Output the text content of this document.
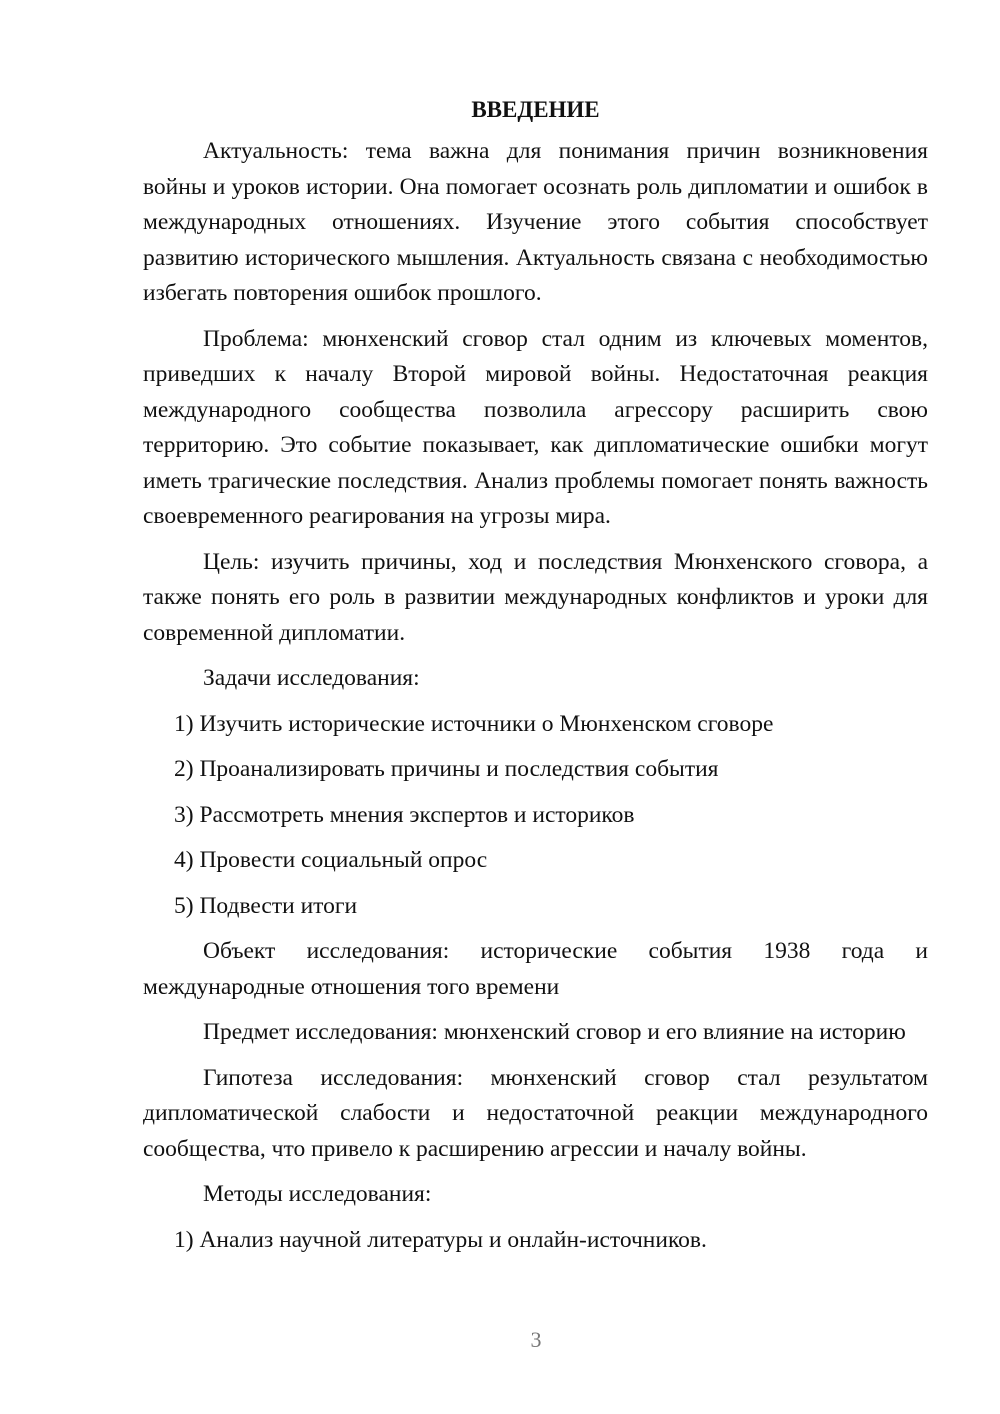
ВВЕДЕНИЕ

Актуальность: тема важна для понимания причин возникновения войны и уроков истории. Она помогает осознать роль дипломатии и ошибок в международных отношениях. Изучение этого события способствует развитию исторического мышления. Актуальность связана с необходимостью избегать повторения ошибок прошлого.

Проблема: мюнхенский сговор стал одним из ключевых моментов, приведших к началу Второй мировой войны. Недостаточная реакция международного сообщества позволила агрессору расширить свою территорию. Это событие показывает, как дипломатические ошибки могут иметь трагические последствия. Анализ проблемы помогает понять важность своевременного реагирования на угрозы мира.

Цель: изучить причины, ход и последствия Мюнхенского сговора, а также понять его роль в развитии международных конфликтов и уроки для современной дипломатии.

Задачи исследования:

1) Изучить исторические источники о Мюнхенском сговоре
2) Проанализировать причины и последствия события
3) Рассмотреть мнения экспертов и историков
4) Провести социальный опрос
5) Подвести итоги

Объект исследования: исторические события 1938 года и международные отношения того времени

Предмет исследования: мюнхенский сговор и его влияние на историю

Гипотеза исследования: мюнхенский сговор стал результатом дипломатической слабости и недостаточной реакции международного сообщества, что привело к расширению агрессии и началу войны.

Методы исследования:

1) Анализ научной литературы и онлайн-источников.
3
